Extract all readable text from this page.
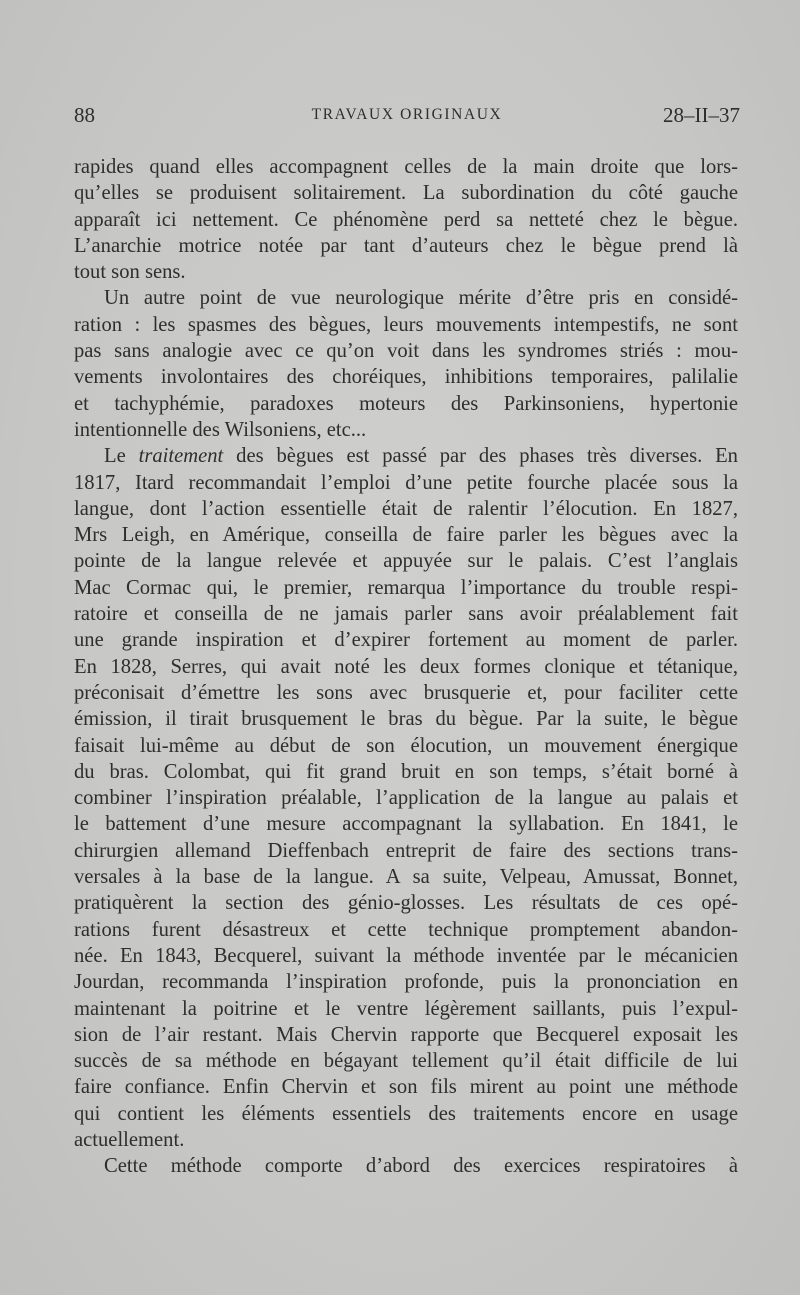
88	TRAVAUX ORIGINAUX	28–II–37
rapides quand elles accompagnent celles de la main droite que lors-
qu’elles se produisent solitairement. La subordination du côté gauche
apparaît ici nettement. Ce phénomène perd sa netteté chez le bègue.
L’anarchie motrice notée par tant d’auteurs chez le bègue prend là
tout son sens.
Un autre point de vue neurologique mérite d’être pris en considé-
ration : les spasmes des bègues, leurs mouvements intempestifs, ne sont
pas sans analogie avec ce qu’on voit dans les syndromes striés : mou-
vements involontaires des choréiques, inhibitions temporaires, palilalie
et tachyphémie, paradoxes moteurs des Parkinsoniens, hypertonie
intentionnelle des Wilsoniens, etc...
Le traitement des bègues est passé par des phases très diverses. En
1817, Itard recommandait l’emploi d’une petite fourche placée sous la
langue, dont l’action essentielle était de ralentir l’élocution. En 1827,
Mrs Leigh, en Amérique, conseilla de faire parler les bègues avec la
pointe de la langue relevée et appuyée sur le palais. C’est l’anglais
Mac Cormac qui, le premier, remarqua l’importance du trouble respi-
ratoire et conseilla de ne jamais parler sans avoir préalablement fait
une grande inspiration et d’expirer fortement au moment de parler.
En 1828, Serres, qui avait noté les deux formes clonique et tétanique,
préconisait d’émettre les sons avec brusquerie et, pour faciliter cette
émission, il tirait brusquement le bras du bègue. Par la suite, le bègue
faisait lui-même au début de son élocution, un mouvement énergique
du bras. Colombat, qui fit grand bruit en son temps, s’était borné à
combiner l’inspiration préalable, l’application de la langue au palais et
le battement d’une mesure accompagnant la syllabation. En 1841, le
chirurgien allemand Dieffenbach entreprit de faire des sections trans-
versales à la base de la langue. A sa suite, Velpeau, Amussat, Bonnet,
pratiquèrent la section des génio-glosses. Les résultats de ces opé-
rations furent désastreux et cette technique promptement abandon-
née. En 1843, Becquerel, suivant la méthode inventée par le mécanicien
Jourdan, recommanda l’inspiration profonde, puis la prononciation en
maintenant la poitrine et le ventre légèrement saillants, puis l’expul-
sion de l’air restant. Mais Chervin rapporte que Becquerel exposait les
succès de sa méthode en bégayant tellement qu’il était difficile de lui
faire confiance. Enfin Chervin et son fils mirent au point une méthode
qui contient les éléments essentiels des traitements encore en usage
actuellement.
Cette méthode comporte d’abord des exercices respiratoires à
